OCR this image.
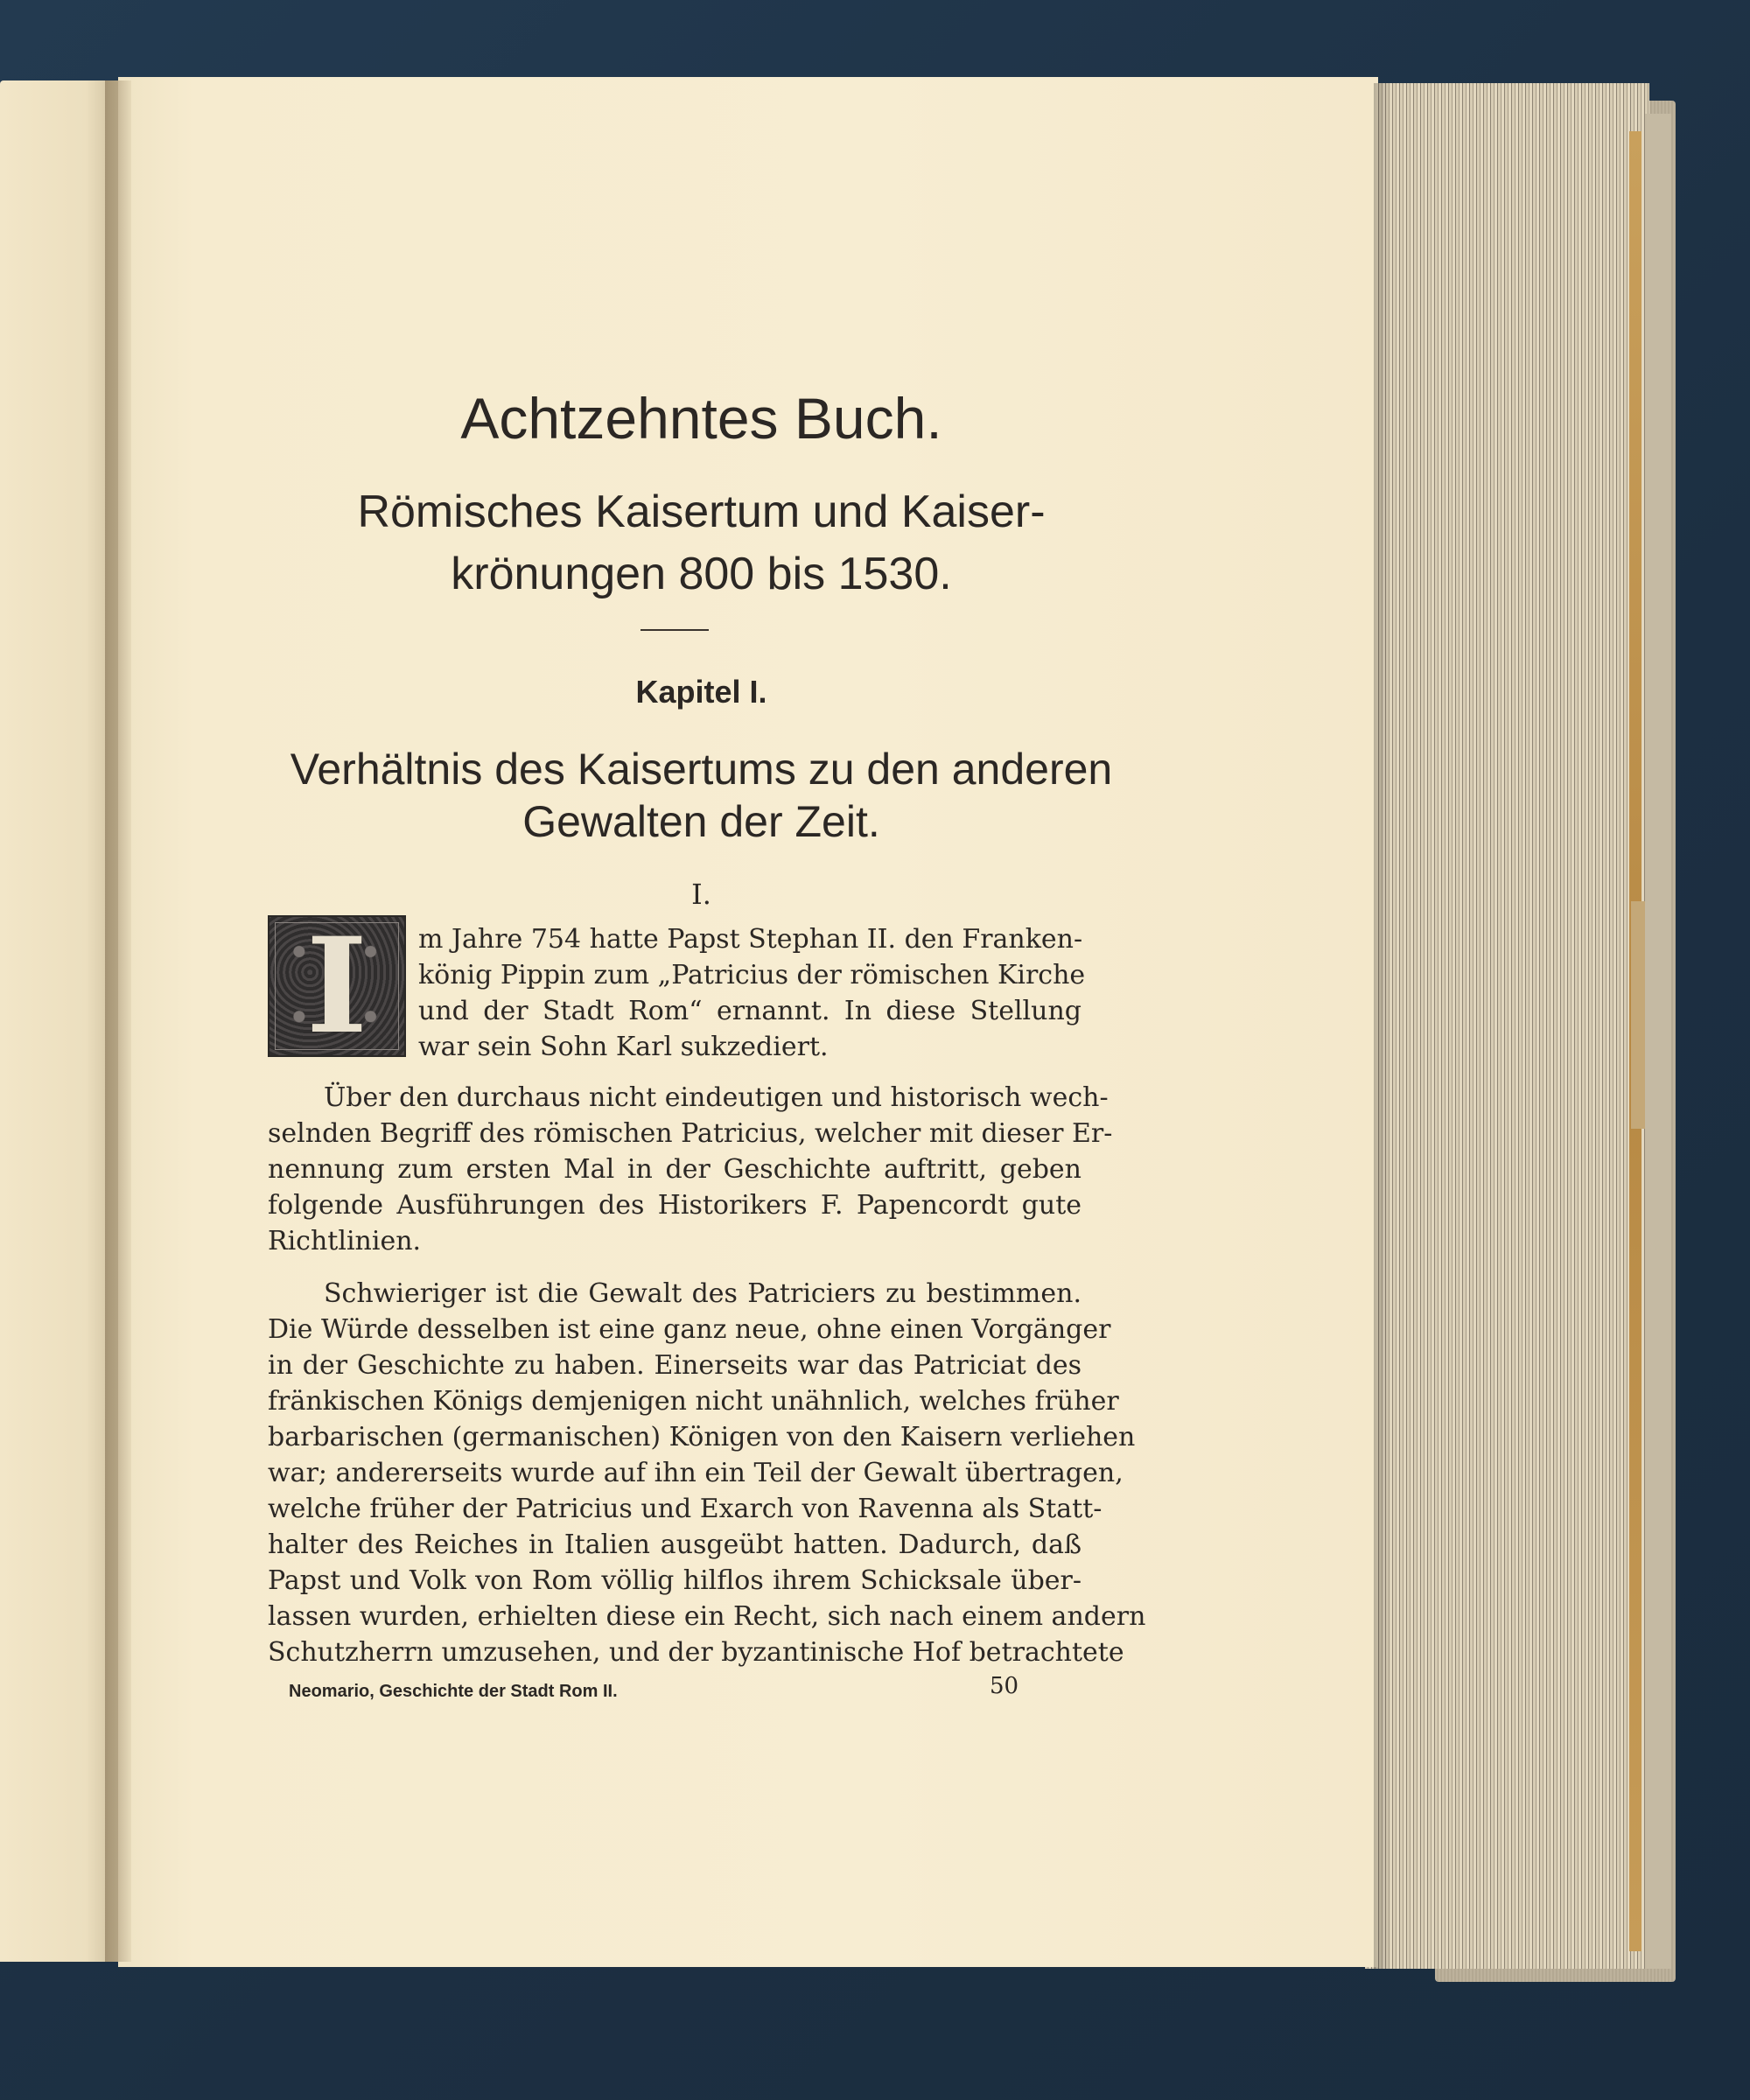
Achtzehntes Buch.
Römisches Kaisertum und Kaiser-
krönungen 800 bis 1530.
Kapitel I.
Verhältnis des Kaisertums zu den anderen
Gewalten der Zeit.
I.
I m Jahre 754 hatte Papst Stephan II. den Franken-
könig Pippin zum „Patricius der römischen Kirche
und der Stadt Rom“ ernannt. In diese Stellung
war sein Sohn Karl sukzediert.
Über den durchaus nicht eindeutigen und historisch wech-
selnden Begriff des römischen Patricius, welcher mit dieser Er-
nennung zum ersten Mal in der Geschichte auftritt, geben
folgende Ausführungen des Historikers F. Papencordt gute
Richtlinien.
Schwieriger ist die Gewalt des Patriciers zu bestimmen.
Die Würde desselben ist eine ganz neue, ohne einen Vorgänger
in der Geschichte zu haben. Einerseits war das Patriciat des
fränkischen Königs demjenigen nicht unähnlich, welches früher
barbarischen (germanischen) Königen von den Kaisern verliehen
war; andererseits wurde auf ihn ein Teil der Gewalt übertragen,
welche früher der Patricius und Exarch von Ravenna als Statt-
halter des Reiches in Italien ausgeübt hatten. Dadurch, daß
Papst und Volk von Rom völlig hilflos ihrem Schicksale über-
lassen wurden, erhielten diese ein Recht, sich nach einem andern
Schutzherrn umzusehen, und der byzantinische Hof betrachtete
Neomario, Geschichte der Stadt Rom II.	50
